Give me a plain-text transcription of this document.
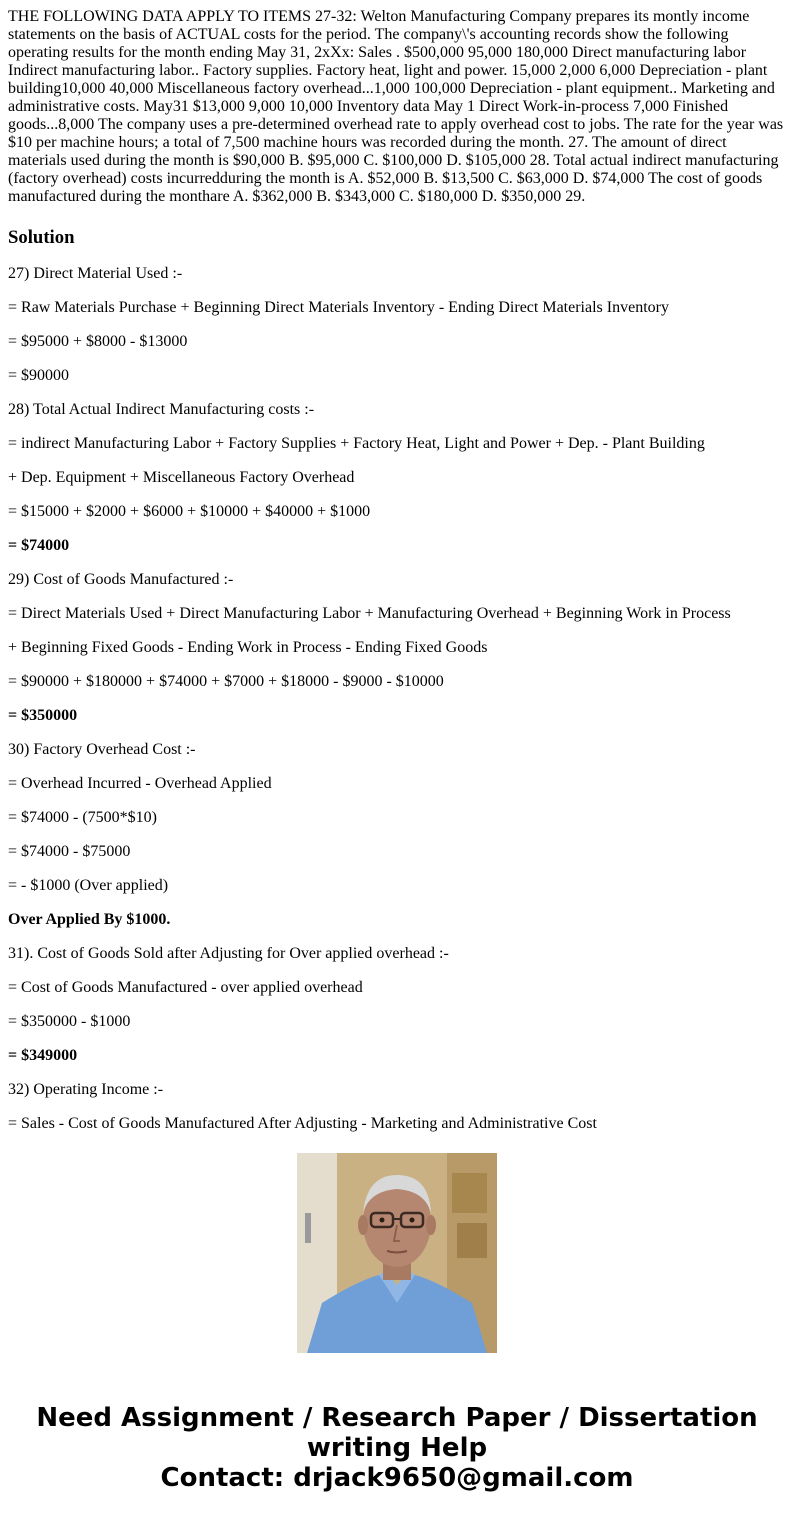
THE FOLLOWING DATA APPLY TO ITEMS 27-32: Welton Manufacturing Company prepares its montly income statements on the basis of ACTUAL costs for the period. The company\'s accounting records show the following operating results for the month ending May 31, 2xXx: Sales . $500,000 95,000 180,000 Direct manufacturing labor Indirect manufacturing labor.. Factory supplies. Factory heat, light and power. 15,000 2,000 6,000 Depreciation - plant building10,000 40,000 Miscellaneous factory overhead...1,000 100,000 Depreciation - plant equipment.. Marketing and administrative costs. May31 $13,000 9,000 10,000 Inventory data May 1 Direct Work-in-process 7,000 Finished goods...8,000 The company uses a pre-determined overhead rate to apply overhead cost to jobs. The rate for the year was $10 per machine hours; a total of 7,500 machine hours was recorded during the month. 27. The amount of direct materials used during the month is $90,000 B. $95,000 C. $100,000 D. $105,000 28. Total actual indirect manufacturing (factory overhead) costs incurredduring the month is A. $52,000 B. $13,500 C. $63,000 D. $74,000 The cost of goods manufactured during the monthare A. $362,000 B. $343,000 C. $180,000 D. $350,000 29.

Solution

27) Direct Material Used :-

= Raw Materials Purchase + Beginning Direct Materials Inventory - Ending Direct Materials Inventory

= $95000 + $8000 - $13000

= $90000

28) Total Actual Indirect Manufacturing costs :-

= indirect Manufacturing Labor + Factory Supplies + Factory Heat, Light and Power + Dep. - Plant Building

+ Dep. Equipment + Miscellaneous Factory Overhead

= $15000 + $2000 + $6000 + $10000 + $40000 + $1000

= $74000

29) Cost of Goods Manufactured :-

= Direct Materials Used + Direct Manufacturing Labor + Manufacturing Overhead + Beginning Work in Process

+ Beginning Fixed Goods - Ending Work in Process - Ending Fixed Goods

= $90000 + $180000 + $74000 + $7000 + $18000 - $9000 - $10000

= $350000

30) Factory Overhead Cost :-

= Overhead Incurred - Overhead Applied

= $74000 - (7500*$10)

= $74000 - $75000

= - $1000 (Over applied)

Over Applied By $1000.

31). Cost of Goods Sold after Adjusting for Over applied overhead :-

= Cost of Goods Manufactured - over applied overhead

= $350000 - $1000

= $349000

32) Operating Income :-

= Sales - Cost of Goods Manufactured After Adjusting - Marketing and Administrative Cost

Need Assignment / Research Paper / Dissertation
writing Help
Contact: drjack9650@gmail.com
